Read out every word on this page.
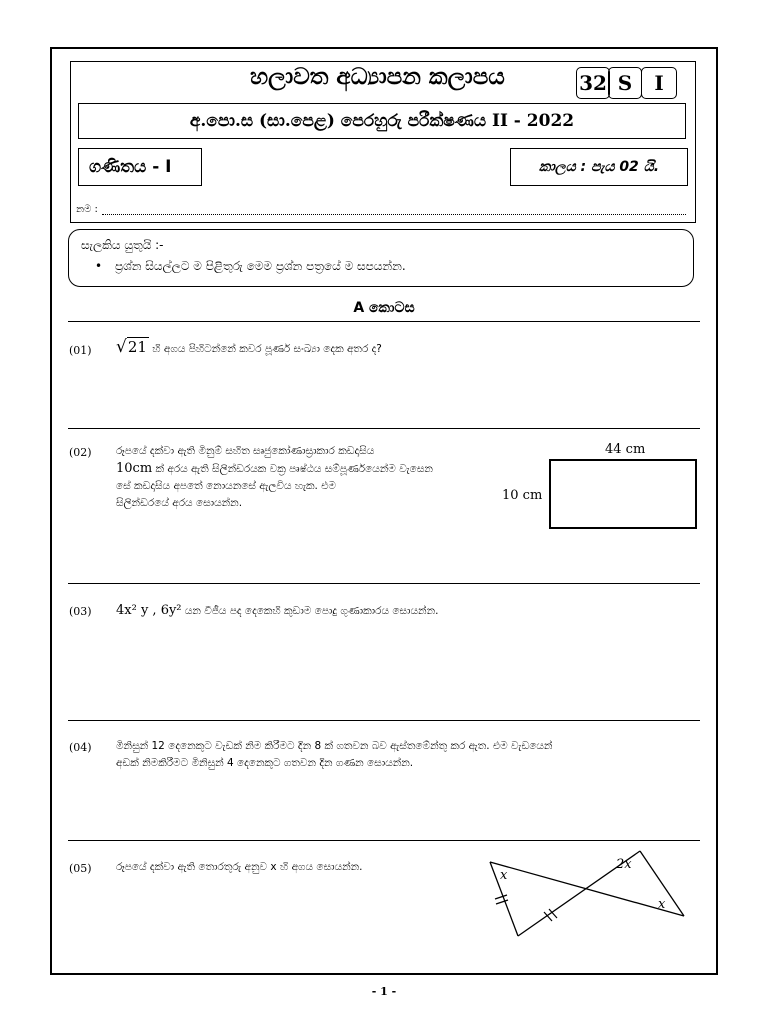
හලාවත අධ්‍යාපන කලාපය	32 S	I
අ.පො.ස (සා.පෙළ) පෙරහුරු පරීක්ෂණය II - 2022
ගණිතය - I	කාලය : පැය 02 යි.
නම :
සැලකිය යුතුයි :-
• ප්‍රශ්න සියල්ලට ම පිළිතුරු මෙම ප්‍රශ්න පත්‍රයේ ම සපයන්න.
A කොටස
(01) √21 හි අගය පිහිටන්නේ කවර පූර්ණ සංඛ්‍යා දෙක අතර ද?
(02) රූපයේ දක්වා ඇති මිනුම් සහිත සෘජුකෝණාස්‍රාකාර කඩදාසිය
10cm ක් අරය ඇති සිලින්ඩරයක වක්‍ර පෘෂ්ඨය සම්පූර්ණයෙන්ම වැසෙන
සේ කඩදාසිය අපතේ නොයනසේ ඇලවිය හැක. එම
සිලින්ඩරයේ අරය සොයන්න.
44 cm
10 cm
(03) 4x² y , 6y² යන වීජීය පද දෙකෙහි කුඩාම පොදු ගුණාකාරය සොයන්න.
(04) මිනිසුන් 12 දෙනෙකුට වැඩක් නිම කිරීමට දින 8 ක් ගතවන බව ඇස්තමේන්තු කර ඇත. එම වැඩයෙන්
අඩක් නිමකිරීමට මිනිසුන් 4 දෙනෙකුට ගතවන දින ගණන සොයන්න.
(05) රූපයේ දක්වා ඇති තොරතුරු අනුව x හි අගය සොයන්න.
x
2x
x
- 1 -
